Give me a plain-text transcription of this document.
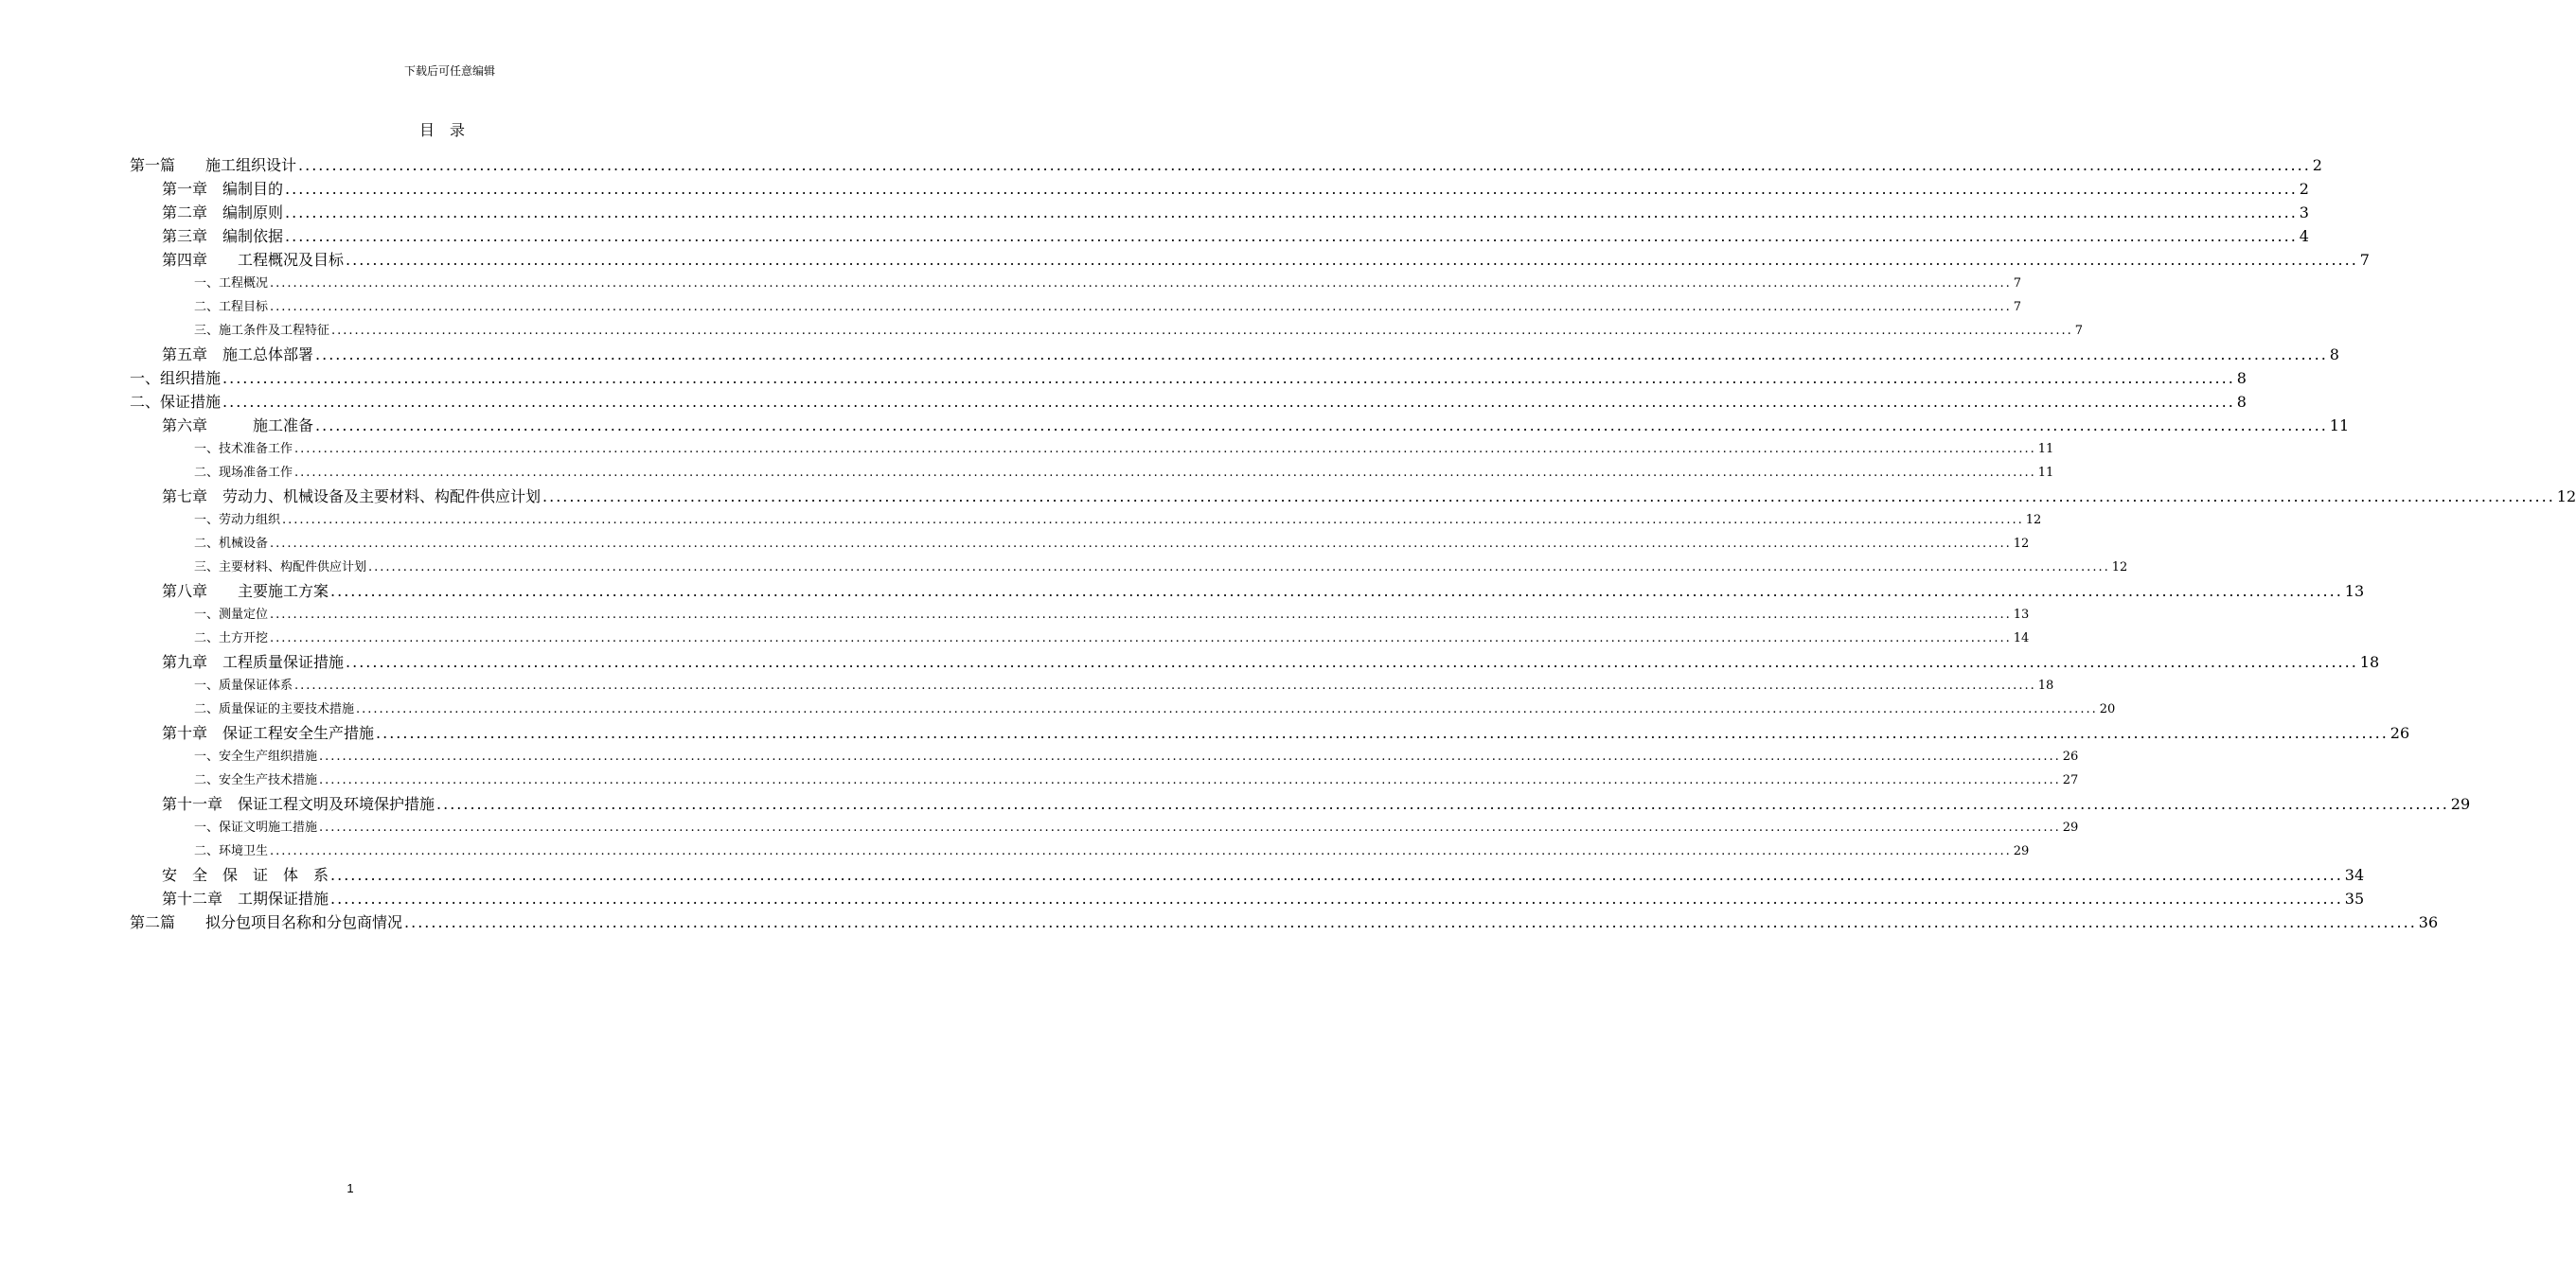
下载后可任意编辑
目录
第一篇　　施工组织设计 ............................................................................................................................................................................................................................................................................................................ 2
第一章　编制目的 ............................................................................................................................................................................................................................................................................................................ 2
第二章　编制原则 ............................................................................................................................................................................................................................................................................................................ 3
第三章　编制依据 ............................................................................................................................................................................................................................................................................................................ 4
第四章　　工程概况及目标 ............................................................................................................................................................................................................................................................................................................ 7
一、工程概况 ............................................................................................................................................................................................................................................................................................................ 7
二、工程目标 ............................................................................................................................................................................................................................................................................................................ 7
三、施工条件及工程特征 ............................................................................................................................................................................................................................................................................................................ 7
第五章　施工总体部署 ............................................................................................................................................................................................................................................................................................................ 8
一、组织措施 ............................................................................................................................................................................................................................................................................................................ 8
二、保证措施 ............................................................................................................................................................................................................................................................................................................ 8
第六章　　　施工准备 ............................................................................................................................................................................................................................................................................................................ 11
一、技术准备工作 ............................................................................................................................................................................................................................................................................................................ 11
二、现场准备工作 ............................................................................................................................................................................................................................................................................................................ 11
第七章　劳动力、机械设备及主要材料、构配件供应计划 ............................................................................................................................................................................................................................................................................................................ 12
一、劳动力组织 ............................................................................................................................................................................................................................................................................................................ 12
二、机械设备 ............................................................................................................................................................................................................................................................................................................ 12
三、主要材料、构配件供应计划 ............................................................................................................................................................................................................................................................................................................ 12
第八章　　主要施工方案 ............................................................................................................................................................................................................................................................................................................ 13
一、测量定位 ............................................................................................................................................................................................................................................................................................................ 13
二、土方开挖 ............................................................................................................................................................................................................................................................................................................ 14
第九章　工程质量保证措施 ............................................................................................................................................................................................................................................................................................................ 18
一、质量保证体系 ............................................................................................................................................................................................................................................................................................................ 18
二、质量保证的主要技术措施 ............................................................................................................................................................................................................................................................................................................ 20
第十章　保证工程安全生产措施 ............................................................................................................................................................................................................................................................................................................ 26
一、安全生产组织措施 ............................................................................................................................................................................................................................................................................................................ 26
二、安全生产技术措施 ............................................................................................................................................................................................................................................................................................................ 27
第十一章　保证工程文明及环境保护措施 ............................................................................................................................................................................................................................................................................................................ 29
一、保证文明施工措施 ............................................................................................................................................................................................................................................................................................................ 29
二、环境卫生 ............................................................................................................................................................................................................................................................................................................ 29
安　全　保　证　体　系 ............................................................................................................................................................................................................................................................................................................ 34
第十二章　工期保证措施 ............................................................................................................................................................................................................................................................................................................ 35
第二篇　　拟分包项目名称和分包商情况 ............................................................................................................................................................................................................................................................................................................ 36
1
